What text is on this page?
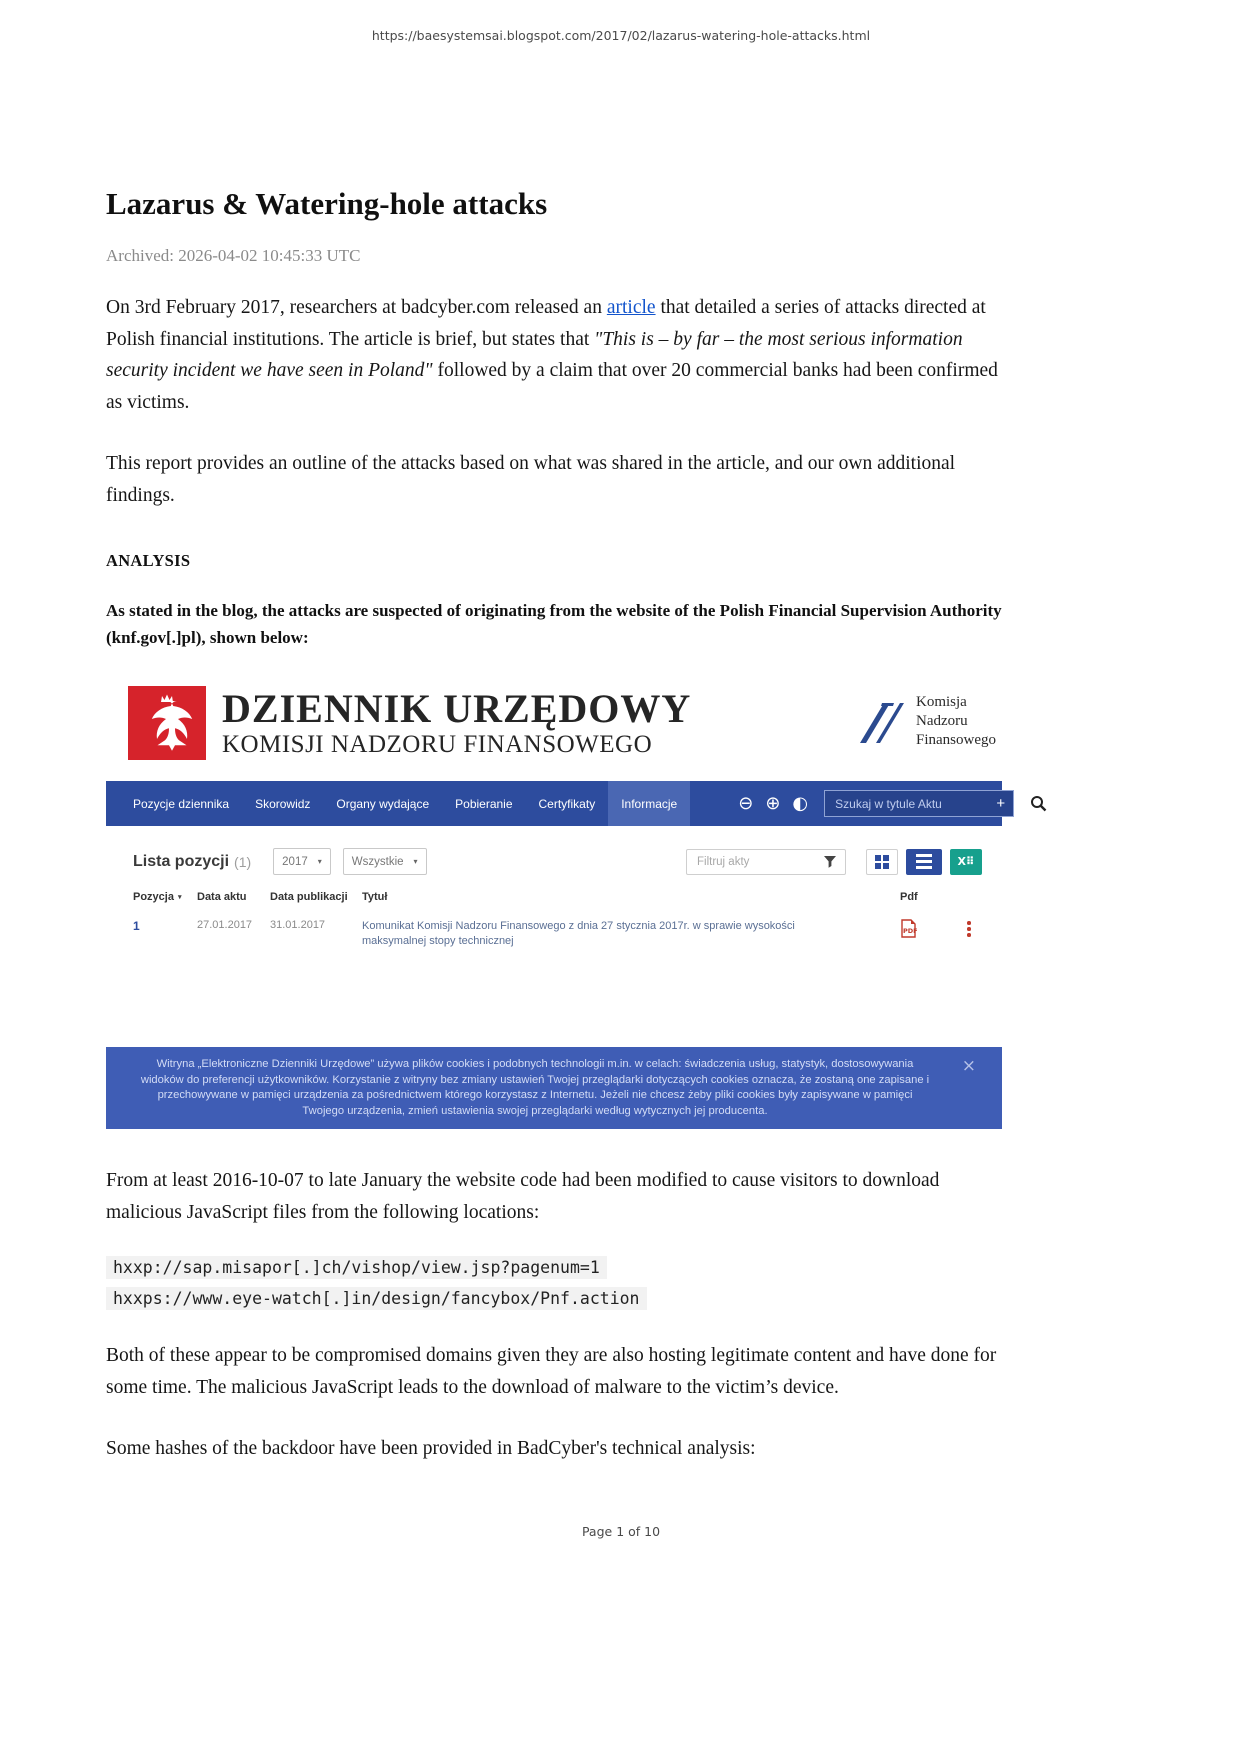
https://baesystemsai.blogspot.com/2017/02/lazarus-watering-hole-attacks.html
Lazarus & Watering-hole attacks
Archived: 2026-04-02 10:45:33 UTC

On 3rd February 2017, researchers at badcyber.com released an article that detailed a series of attacks directed at Polish financial institutions. The article is brief, but states that "This is – by far – the most serious information security incident we have seen in Poland" followed by a claim that over 20 commercial banks had been confirmed as victims.

This report provides an outline of the attacks based on what was shared in the article, and our own additional findings.

ANALYSIS

As stated in the blog, the attacks are suspected of originating from the website of the Polish Financial Supervision Authority (knf.gov[.]pl), shown below:

DZIENNIK URZĘDOWY
KOMISJI NADZORU FINANSOWEGO
Komisja
Nadzoru
Finansowego
Pozycje dziennika	Skorowidz	Organy wydające	Pobieranie	Certyfikaty	Informacje	⊖ ⊕ ◐
Szukaj w tytule Aktu	+
Lista pozycji (1)	2017 ▾	Wszystkie ▾
Filtruj akty	X⠿
Pozycja ▾ Data aktu	Data publikacji	Tytuł	Pdf
1	27.01.2017	31.01.2017	Komunikat Komisji Nadzoru Finansowego z dnia 27 stycznia 2017r. w sprawie wysokości maksymalnej stopy technicznej
PDF
Witryna „Elektroniczne Dzienniki Urzędowe” używa plików cookies i podobnych technologii m.in. w celach: świadczenia usług, statystyk, dostosowywania widoków do preferencji użytkowników. Korzystanie z witryny bez zmiany ustawień Twojej przeglądarki dotyczących cookies oznacza, że zostaną one zapisane i przechowywane w pamięci urządzenia za pośrednictwem którego korzystasz z Internetu. Jeżeli nie chcesz żeby pliki cookies były zapisywane w pamięci Twojego urządzenia, zmień ustawienia swojej przeglądarki według wytycznych jej producenta.
×

From at least 2016-10-07 to late January the website code had been modified to cause visitors to download malicious JavaScript files from the following locations:

hxxp://sap.misapor[.]ch/vishop/view.jsp?pagenum=1
hxxps://www.eye-watch[.]in/design/fancybox/Pnf.action

Both of these appear to be compromised domains given they are also hosting legitimate content and have done for some time. The malicious JavaScript leads to the download of malware to the victim’s device.

Some hashes of the backdoor have been provided in BadCyber's technical analysis:

Page 1 of 10
